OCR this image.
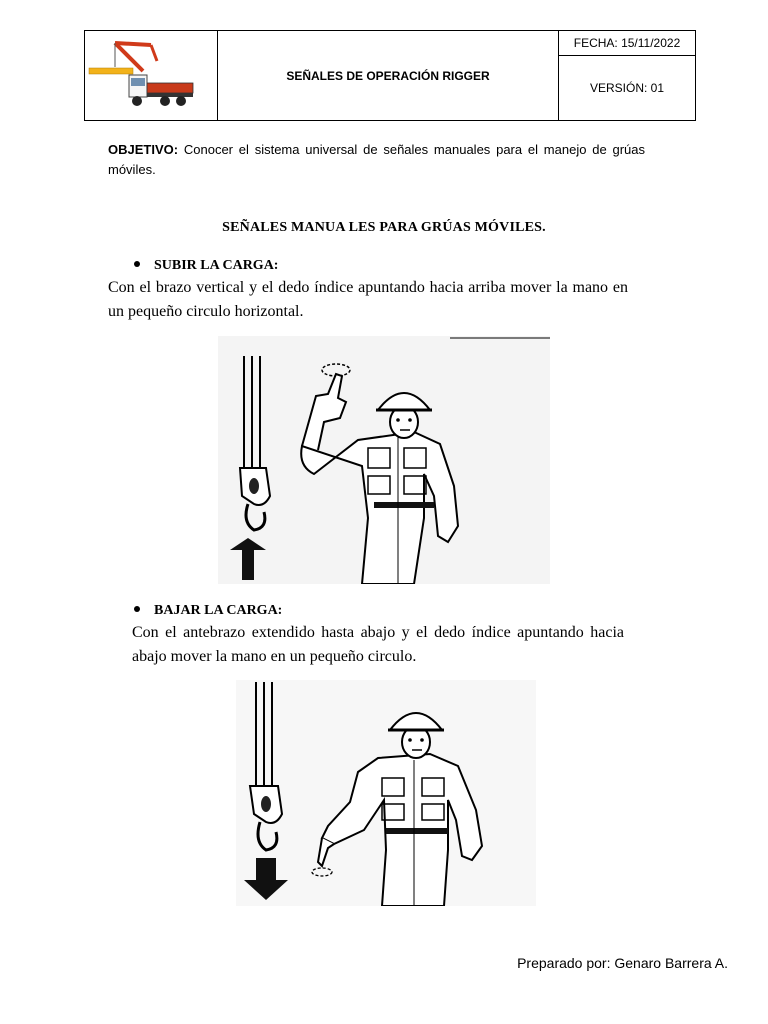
	SEÑALES DE OPERACIÓN RIGGER	FECHA: 15/11/2022
VERSIÓN: 01
OBJETIVO: Conocer el sistema universal de señales manuales para el manejo de grúas móviles.
SEÑALES MANUA LES PARA GRÚAS MÓVILES.
SUBIR LA CARGA:
Con el brazo vertical y el dedo índice apuntando hacia arriba mover la mano en un pequeño circulo horizontal.
BAJAR LA CARGA:
Con el antebrazo extendido hasta abajo y el dedo índice apuntando hacia abajo mover la mano en un pequeño circulo.
Preparado por: Genaro Barrera A.
